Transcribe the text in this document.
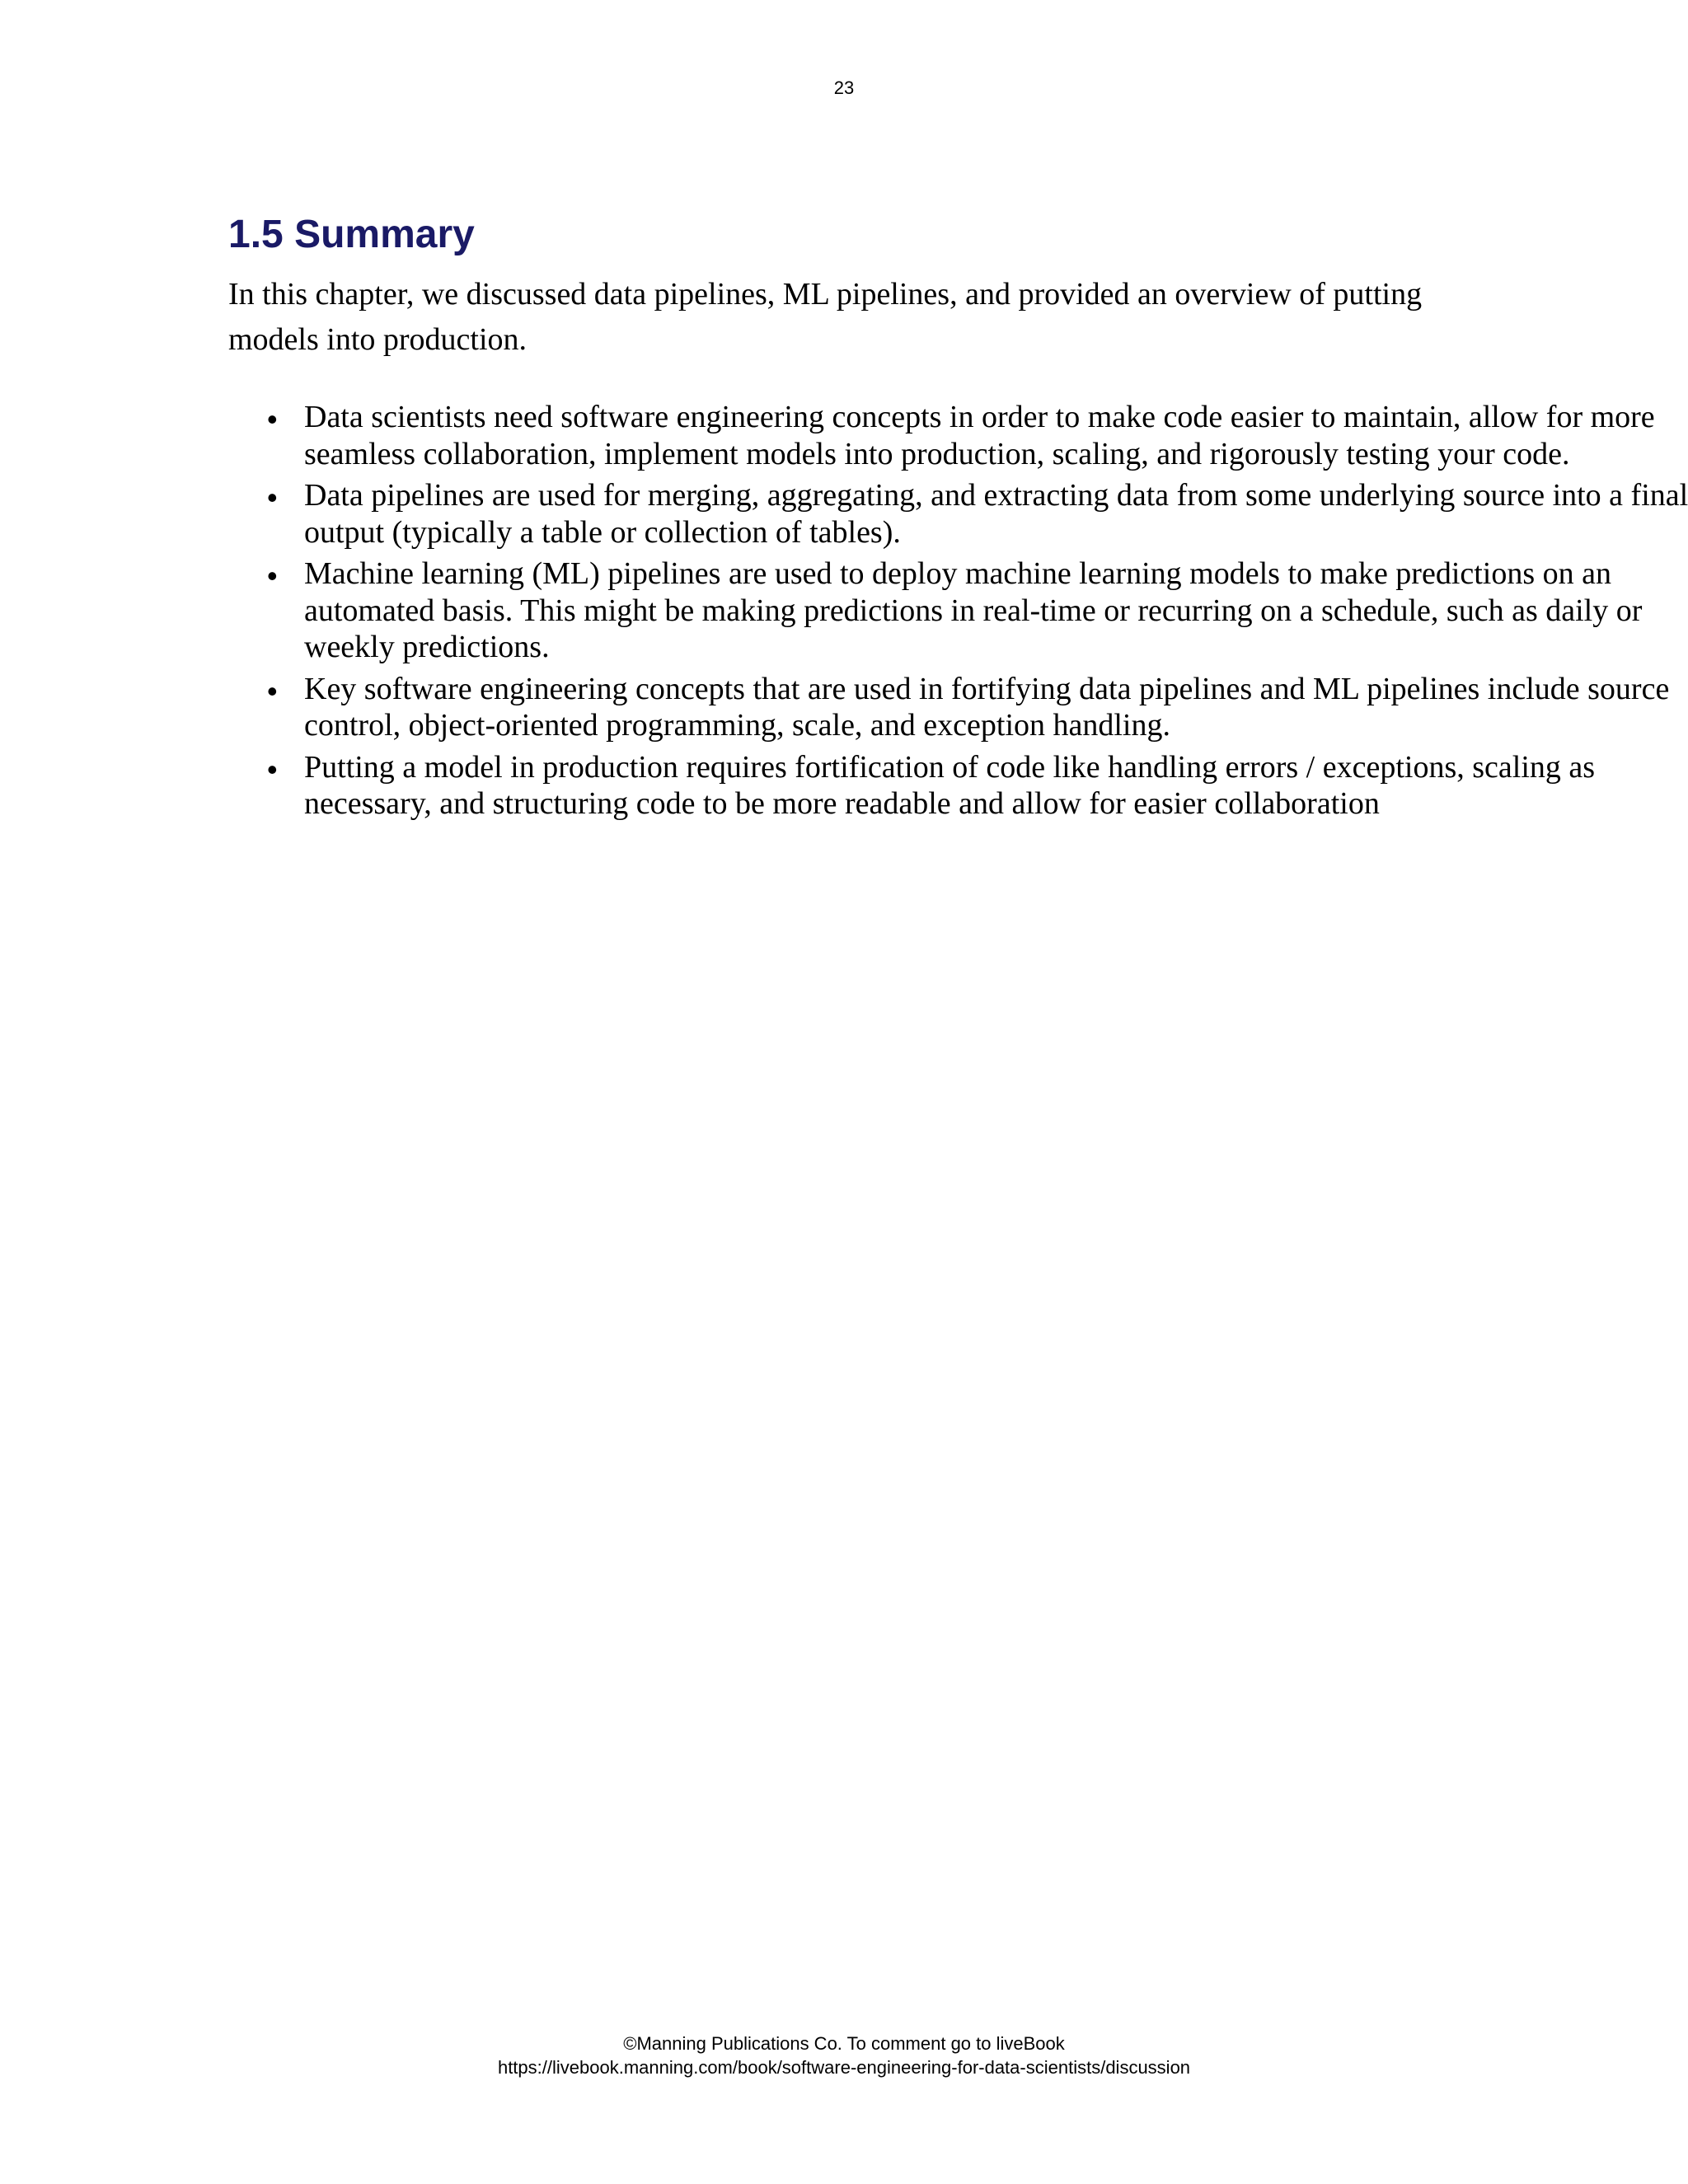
23
1.5 Summary

In this chapter, we discussed data pipelines, ML pipelines, and provided an overview of putting models into production.

• Data scientists need software engineering concepts in order to make code easier to maintain, allow for more seamless collaboration, implement models into production, scaling, and rigorously testing your code.
• Data pipelines are used for merging, aggregating, and extracting data from some underlying source into a final output (typically a table or collection of tables).
• Machine learning (ML) pipelines are used to deploy machine learning models to make predictions on an automated basis. This might be making predictions in real-time or recurring on a schedule, such as daily or weekly predictions.
• Key software engineering concepts that are used in fortifying data pipelines and ML pipelines include source control, object-oriented programming, scale, and exception handling.
• Putting a model in production requires fortification of code like handling errors / exceptions, scaling as necessary, and structuring code to be more readable and allow for easier collaboration
©Manning Publications Co. To comment go to liveBook
https://livebook.manning.com/book/software-engineering-for-data-scientists/discussion
